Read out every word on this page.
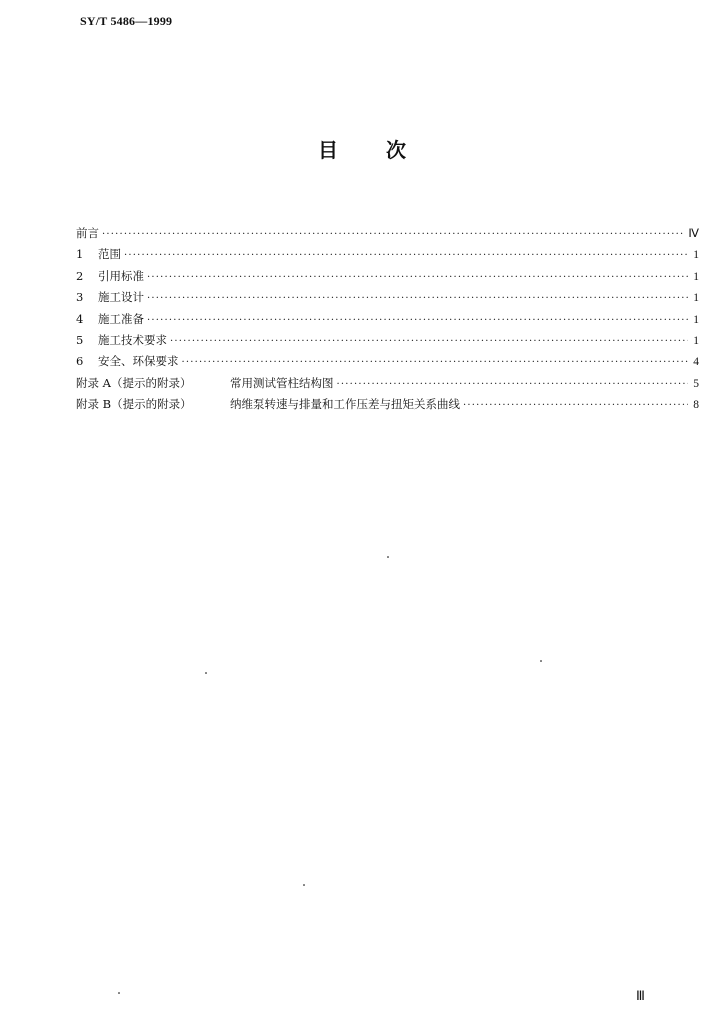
SY/T 5486—1999
目 次
前言 ·····	Ⅳ
1	范围 ·····	1
2	引用标准 ·····	1
3	施工设计 ·····	1
4	施工准备 ·····	1
5	施工技术要求 ·····	1
6	安全、环保要求 ·····	4
附录 A（提示的附录）	常用测试管柱结构图 ·····	5
附录 B（提示的附录）	纳维泵转速与排量和工作压差与扭矩关系曲线 ·····	8
Ⅲ
